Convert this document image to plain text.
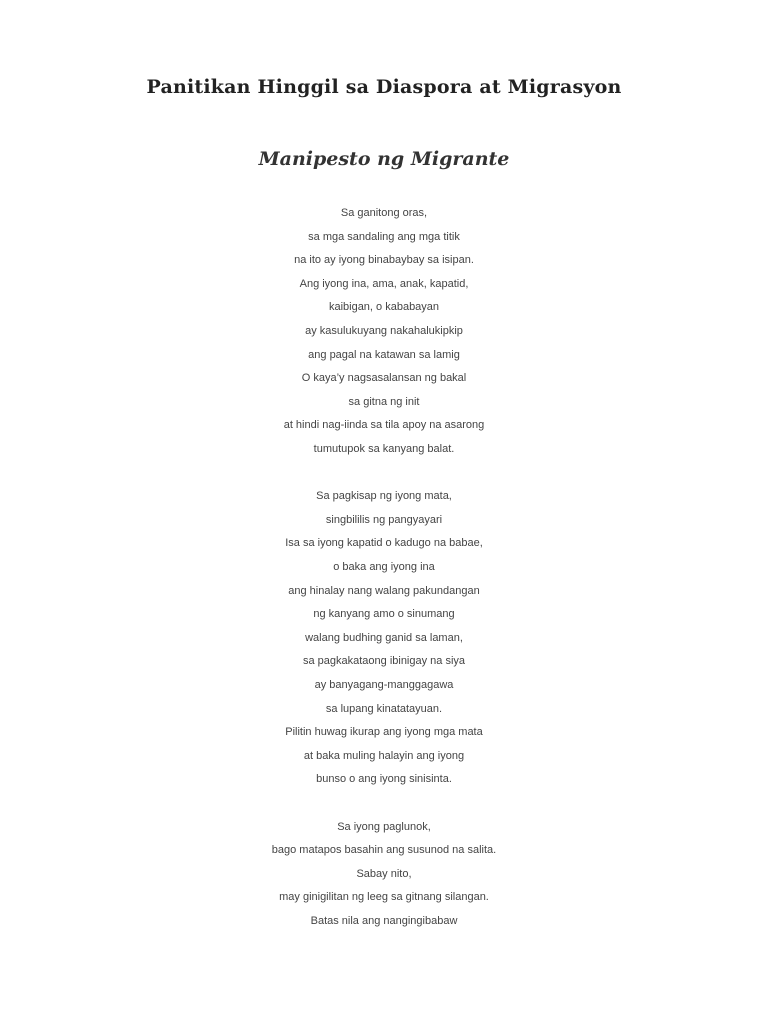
Panitikan Hinggil sa Diaspora at Migrasyon
Manipesto ng Migrante
Sa ganitong oras,
sa mga sandaling ang mga titik
na ito ay iyong binabaybay sa isipan.
Ang iyong ina, ama, anak, kapatid,
kaibigan, o kababayan
ay kasulukuyang nakahalukipkip
ang pagal na katawan sa lamig
O kaya’y nagsasalansan ng bakal
sa gitna ng init
at hindi nag-iinda sa tila apoy na asarong
tumutupok sa kanyang balat.
Sa pagkisap ng iyong mata,
singbililis ng pangyayari
Isa sa iyong kapatid o kadugo na babae,
o baka ang iyong ina
ang hinalay nang walang pakundangan
ng kanyang amo o sinumang
walang budhing ganid sa laman,
sa pagkakataong ibinigay na siya
ay banyagang-manggagawa
sa lupang kinatatayuan.
Pilitin huwag ikurap ang iyong mga mata
at baka muling halayin ang iyong
bunso o ang iyong sinisinta.
Sa iyong paglunok,
bago matapos basahin ang susunod na salita.
Sabay nito,
may ginigilitan ng leeg sa gitnang silangan.
Batas nila ang nangingibabaw
